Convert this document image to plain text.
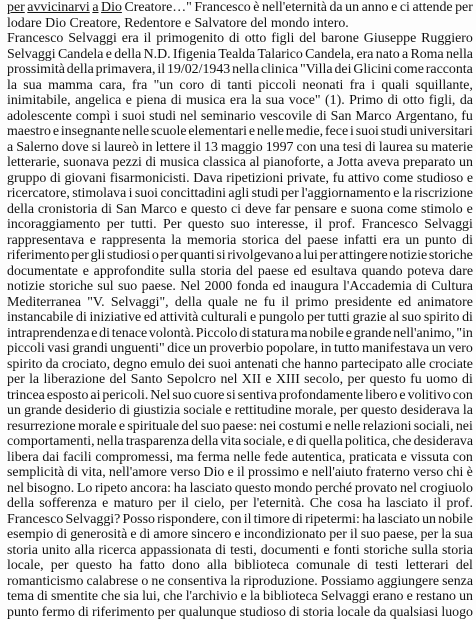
per avvicinarvi a Dio Creatore…" Francesco è nell'eternità da un anno e ci attende per
lodare Dio Creatore, Redentore e Salvatore del mondo intero.
Francesco Selvaggi era il primogenito di otto figli del barone Giuseppe Ruggiero
Selvaggi Candela e della N.D. Ifigenia Tealda Talarico Candela, era nato a Roma nella
prossimità della primavera, il 19/02/1943 nella clinica "Villa dei Glicini come racconta
la sua mamma cara, fra "un coro di tanti piccoli neonati fra i quali squillante,
inimitabile, angelica e piena di musica era la sua voce" (1). Primo di otto figli, da
adolescente compì i suoi studi nel seminario vescovile di San Marco Argentano, fu
maestro e insegnante nelle scuole elementari e nelle medie, fece i suoi studi universitari
a Salerno dove si laureò in lettere il 13 maggio 1997 con una tesi di laurea su materie
letterarie, suonava pezzi di musica classica al pianoforte, a Jotta aveva preparato un
gruppo di giovani fisarmonicisti. Dava ripetizioni private, fu attivo come studioso e
ricercatore, stimolava i suoi concittadini agli studi per l'aggiornamento e la riscrizione
della cronistoria di San Marco e questo ci deve far pensare e suona come stimolo e
incoraggiamento per tutti. Per questo suo interesse, il prof. Francesco Selvaggi
rappresentava e rappresenta la memoria storica del paese infatti era un punto di
riferimento per gli studiosi o per quanti si rivolgevano a lui per attingere notizie storiche
documentate e approfondite sulla storia del paese ed esultava quando poteva dare
notizie storiche sul suo paese. Nel 2000 fonda ed inaugura l'Accademia di Cultura
Mediterranea "V. Selvaggi", della quale ne fu il primo presidente ed animatore
instancabile di iniziative ed attività culturali e pungolo per tutti grazie al suo spirito di
intraprendenza e di tenace volontà. Piccolo di statura ma nobile e grande nell'animo, "in
piccoli vasi grandi unguenti" dice un proverbio popolare, in tutto manifestava un vero
spirito da crociato, degno emulo dei suoi antenati che hanno partecipato alle crociate
per la liberazione del Santo Sepolcro nel XII e XIII secolo, per questo fu uomo di
trincea esposto ai pericoli. Nel suo cuore si sentiva profondamente libero e volitivo con
un grande desiderio di giustizia sociale e rettitudine morale, per questo desiderava la
resurrezione morale e spirituale del suo paese: nei costumi e nelle relazioni sociali, nei
comportamenti, nella trasparenza della vita sociale, e di quella politica, che desiderava
libera dai facili compromessi, ma ferma nelle fede autentica, praticata e vissuta con
semplicità di vita, nell'amore verso Dio e il prossimo e nell'aiuto fraterno verso chi è
nel bisogno. Lo ripeto ancora: ha lasciato questo mondo perché provato nel crogiuolo
della sofferenza e maturo per il cielo, per l'eternità. Che cosa ha lasciato il prof.
Francesco Selvaggi? Posso rispondere, con il timore di ripetermi: ha lasciato un nobile
esempio di generosità e di amore sincero e incondizionato per il suo paese, per la sua
storia unito alla ricerca appassionata di testi, documenti e fonti storiche sulla storia
locale, per questo ha fatto dono alla biblioteca comunale di testi letterari del
romanticismo calabrese o ne consentiva la riproduzione. Possiamo aggiungere senza
tema di smentite che sia lui, che l'archivio e la biblioteca Selvaggi erano e restano un
punto fermo di riferimento per qualunque studioso di storia locale da qualsiasi luogo
